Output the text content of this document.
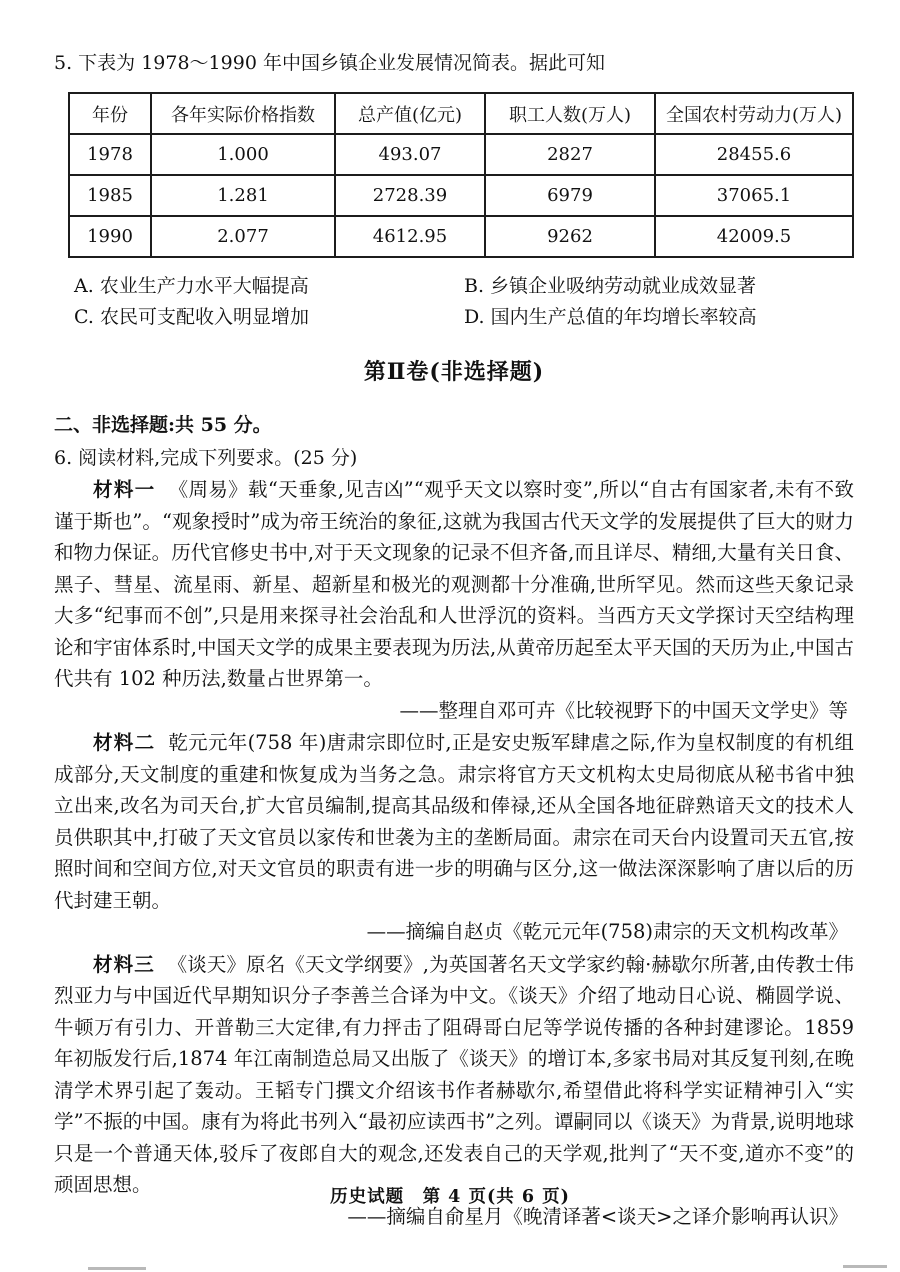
5. 下表为 1978～1990 年中国乡镇企业发展情况简表。据此可知
年份	各年实际价格指数	总产值(亿元)	职工人数(万人)	全国农村劳动力(万人)
1978	1.000	493.07	2827	28455.6
1985	1.281	2728.39	6979	37065.1
1990	2.077	4612.95	9262	42009.5
A. 农业生产力水平大幅提高	B. 乡镇企业吸纳劳动就业成效显著
C. 农民可支配收入明显增加	D. 国内生产总值的年均增长率较高
第Ⅱ卷(非选择题)
二、非选择题:共 55 分。
6. 阅读材料,完成下列要求。(25 分)
材料一 《周易》载“天垂象,见吉凶”“观乎天文以察时变”,所以“自古有国家者,未有不致谨于斯也”。“观象授时”成为帝王统治的象征,这就为我国古代天文学的发展提供了巨大的财力和物力保证。历代官修史书中,对于天文现象的记录不但齐备,而且详尽、精细,大量有关日食、黑子、彗星、流星雨、新星、超新星和极光的观测都十分准确,世所罕见。然而这些天象记录大多“纪事而不创”,只是用来探寻社会治乱和人世浮沉的资料。当西方天文学探讨天空结构理论和宇宙体系时,中国天文学的成果主要表现为历法,从黄帝历起至太平天国的天历为止,中国古代共有 102 种历法,数量占世界第一。
——整理自邓可卉《比较视野下的中国天文学史》等
材料二 乾元元年(758 年)唐肃宗即位时,正是安史叛军肆虐之际,作为皇权制度的有机组成部分,天文制度的重建和恢复成为当务之急。肃宗将官方天文机构太史局彻底从秘书省中独立出来,改名为司天台,扩大官员编制,提高其品级和俸禄,还从全国各地征辟熟谙天文的技术人员供职其中,打破了天文官员以家传和世袭为主的垄断局面。肃宗在司天台内设置司天五官,按照时间和空间方位,对天文官员的职责有进一步的明确与区分,这一做法深深影响了唐以后的历代封建王朝。
——摘编自赵贞《乾元元年(758)肃宗的天文机构改革》
材料三 《谈天》原名《天文学纲要》,为英国著名天文学家约翰·赫歇尔所著,由传教士伟烈亚力与中国近代早期知识分子李善兰合译为中文。《谈天》介绍了地动日心说、椭圆学说、牛顿万有引力、开普勒三大定律,有力抨击了阻碍哥白尼等学说传播的各种封建谬论。1859 年初版发行后,1874 年江南制造总局又出版了《谈天》的增订本,多家书局对其反复刊刻,在晚清学术界引起了轰动。王韬专门撰文介绍该书作者赫歇尔,希望借此将科学实证精神引入“实学”不振的中国。康有为将此书列入“最初应读西书”之列。谭嗣同以《谈天》为背景,说明地球只是一个普通天体,驳斥了夜郎自大的观念,还发表自己的天学观,批判了“天不变,道亦不变”的顽固思想。
——摘编自俞星月《晚清译著<谈天>之译介影响再认识》
历史试题　第 4 页(共 6 页)
